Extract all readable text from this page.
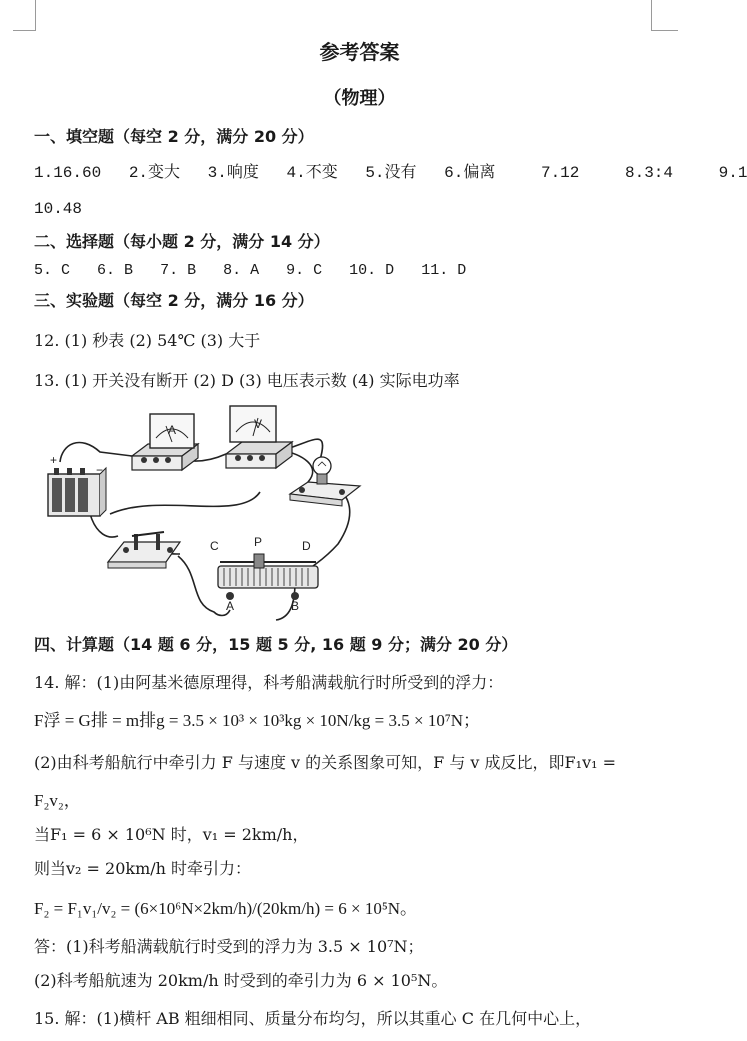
参考答案
（物理）
一、填空题（每空 2 分，满分 20 分）
1.16.60 2.变大 3.响度 4.不变 5.没有 6.偏离	7.12	8.3:4	9.1
10.48
二、选择题（每小题 2 分，满分 14 分）
5. C 6. B 7. B 8. A 9. C 10. D 11. D
三、实验题（每空 2 分，满分 16 分）
12. (1) 秒表 (2) 54℃ (3) 大于
13. (1) 开关没有断开 (2) D (3) 电压表示数 (4) 实际电功率
+
−
A	V
C	P	D
A	B
四、计算题（14 题 6 分，15 题 5 分, 16 题 9 分；满分 20 分）
14. 解：(1)由阿基米德原理得，科考船满载航行时所受到的浮力：
F浮 = G排 = m排g = 3.5 × 10³ × 10³kg × 10N/kg = 3.5 × 10⁷N；
(2)由科考船航行中牵引力 F 与速度 v 的关系图象可知，F 与 v 成反比，即F₁v₁ =
F₂v₂，
当F₁ = 6 × 10⁶N 时，v₁ = 2km/h，
则当v₂ = 20km/h 时牵引力：
F₂ = F₁v₁/v₂ = (6×10⁶N×2km/h)/(20km/h) = 6 × 10⁵N。
答：(1)科考船满载航行时受到的浮力为 3.5 × 10⁷N；
(2)科考船航速为 20km/h 时受到的牵引力为 6 × 10⁵N。
15. 解：(1)横杆 AB 粗细相同、质量分布均匀，所以其重心 C 在几何中心上，
